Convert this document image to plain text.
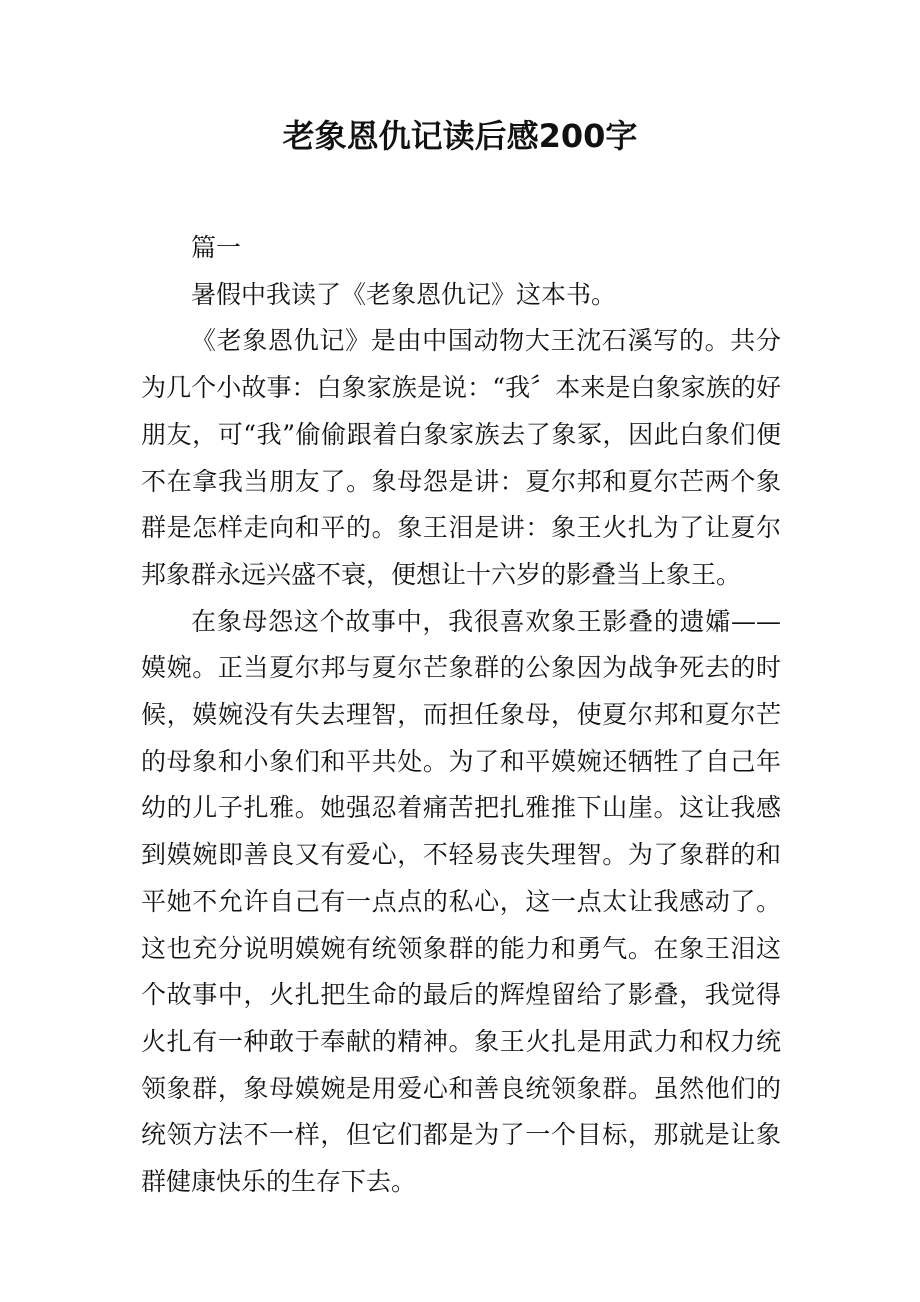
老象恩仇记读后感200字

篇一

暑假中我读了《老象恩仇记》这本书。

《老象恩仇记》是由中国动物大王沈石溪写的。共分为几个小故事：白象家族是说：“我〞本来是白象家族的好朋友，可“我”偷偷跟着白象家族去了象冢，因此白象们便不在拿我当朋友了。象母怨是讲：夏尔邦和夏尔芒两个象群是怎样走向和平的。象王泪是讲：象王火扎为了让夏尔邦象群永远兴盛不衰，便想让十六岁的影叠当上象王。

在象母怨这个故事中，我很喜欢象王影叠的遗孀——嫫婉。正当夏尔邦与夏尔芒象群的公象因为战争死去的时候，嫫婉没有失去理智，而担任象母，使夏尔邦和夏尔芒的母象和小象们和平共处。为了和平嫫婉还牺牲了自己年幼的儿子扎雅。她强忍着痛苦把扎雅推下山崖。这让我感到嫫婉即善良又有爱心，不轻易丧失理智。为了象群的和平她不允许自己有一点点的私心，这一点太让我感动了。这也充分说明嫫婉有统领象群的能力和勇气。在象王泪这个故事中，火扎把生命的最后的辉煌留给了影叠，我觉得火扎有一种敢于奉献的精神。象王火扎是用武力和权力统领象群，象母嫫婉是用爱心和善良统领象群。虽然他们的统领方法不一样，但它们都是为了一个目标，那就是让象群健康快乐的生存下去。
